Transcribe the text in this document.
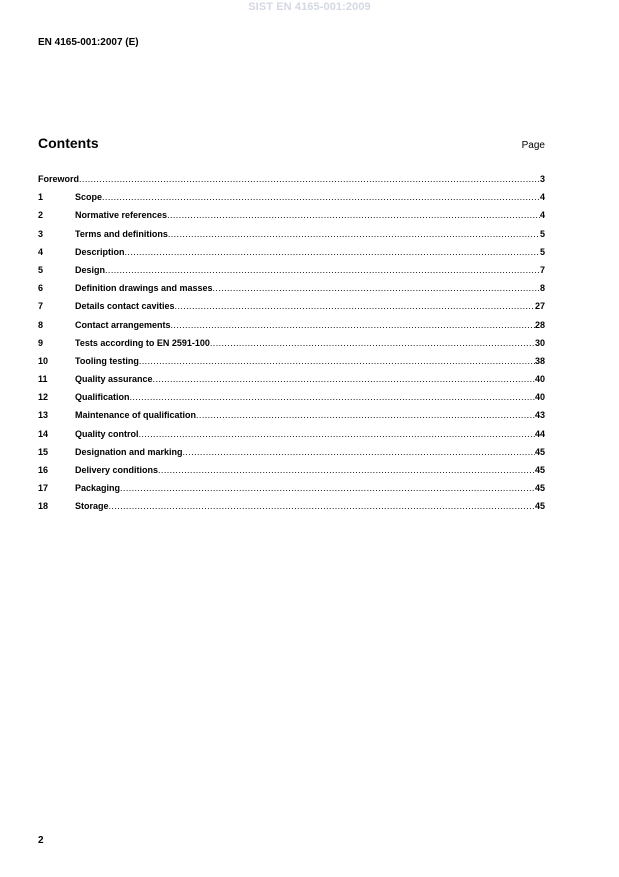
SIST EN 4165-001:2009
EN 4165-001:2007 (E)
Contents	Page
Foreword .....	3
1	Scope .....	4
2	Normative references .....	4
3	Terms and definitions .....	5
4	Description .....	5
5	Design .....	7
6	Definition drawings and masses .....	8
7	Details contact cavities .....	27
8	Contact arrangements .....	28
9	Tests according to EN 2591-100 .....	30
10	Tooling testing .....	38
11	Quality assurance .....	40
12	Qualification .....	40
13	Maintenance of qualification .....	43
14	Quality control .....	44
15	Designation and marking .....	45
16	Delivery conditions .....	45
17	Packaging .....	45
18	Storage .....	45
2
